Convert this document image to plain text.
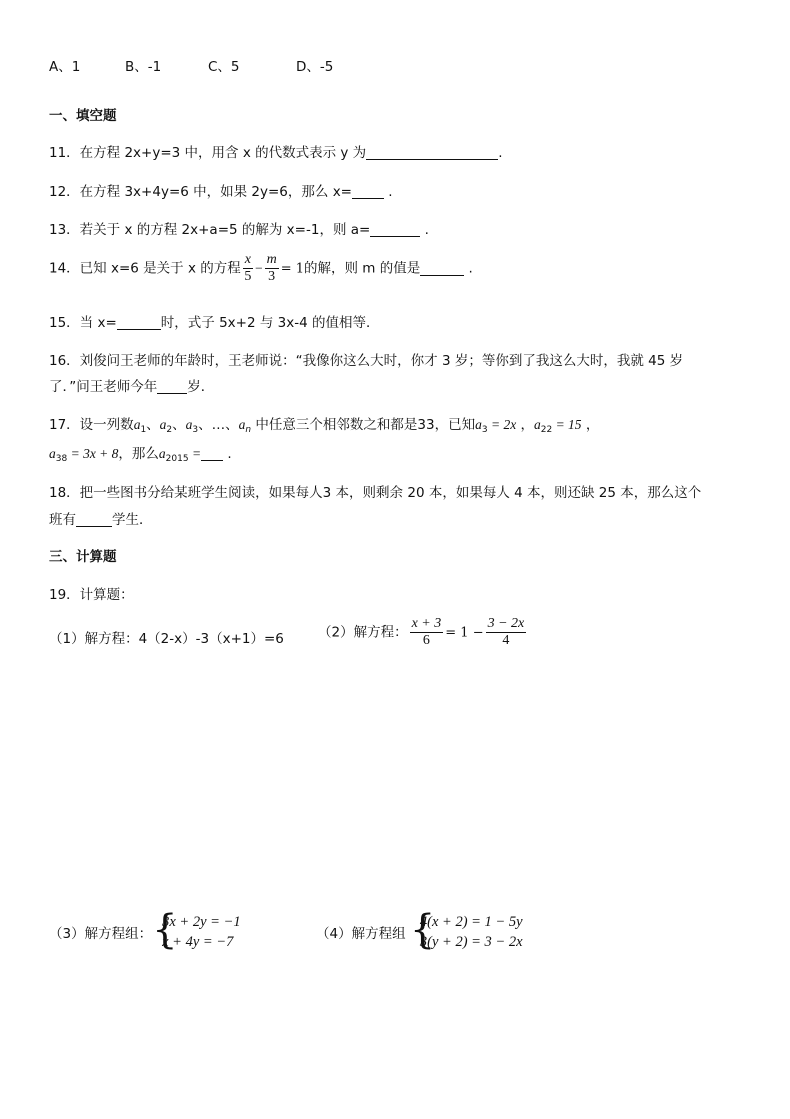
A、1	B、-1	C、5	D、-5
一、填空题
11．在方程 2x+y=3 中，用含 x 的代数式表示 y 为	.
12．在方程 3x+4y=6 中，如果 2y=6，那么 x=	.
13．若关于 x 的方程 2x+a=5 的解为 x=-1，则 a=	.
14．已知 x=6 是关于 x 的方程 $\frac{x}{5} - \frac{m}{3} = 1$的解，则 m 的值是	.
15．当 x=	时，式子 5x+2 与 3x-4 的值相等．
16．刘俊问王老师的年龄时，王老师说：“我像你这么大时，你才 3 岁；等你到了我这么大时，我就 45 岁
了．”问王老师今年 岁．
17．设一列数$a_1$、$a_2$、$a_3$、…、$a_n$ 中任意三个相邻数之和都是33，已知$a_3 = 2x$ ，$a_{22} = 15$ ，
$a_{38} = 3x + 8$，那么$a_{2015}$ = .
18．把一些图书分给某班学生阅读，如果每人3 本，则剩余 20 本，如果每人 4 本，则还缺 25 本，那么这个
班有	学生．
三、计算题
19．计算题：
（1）解方程：4（2-x）-3（x+1）=6	（2）解方程： $\frac{x + 3}{6} = 1 - \frac{3 - 2x}{4}$
（3）解方程组： {
3x + 2y = −1
x + 4y = −7	（4）解方程组 {
4(x + 2) = 1 − 5y
3(y + 2) = 3 − 2x
